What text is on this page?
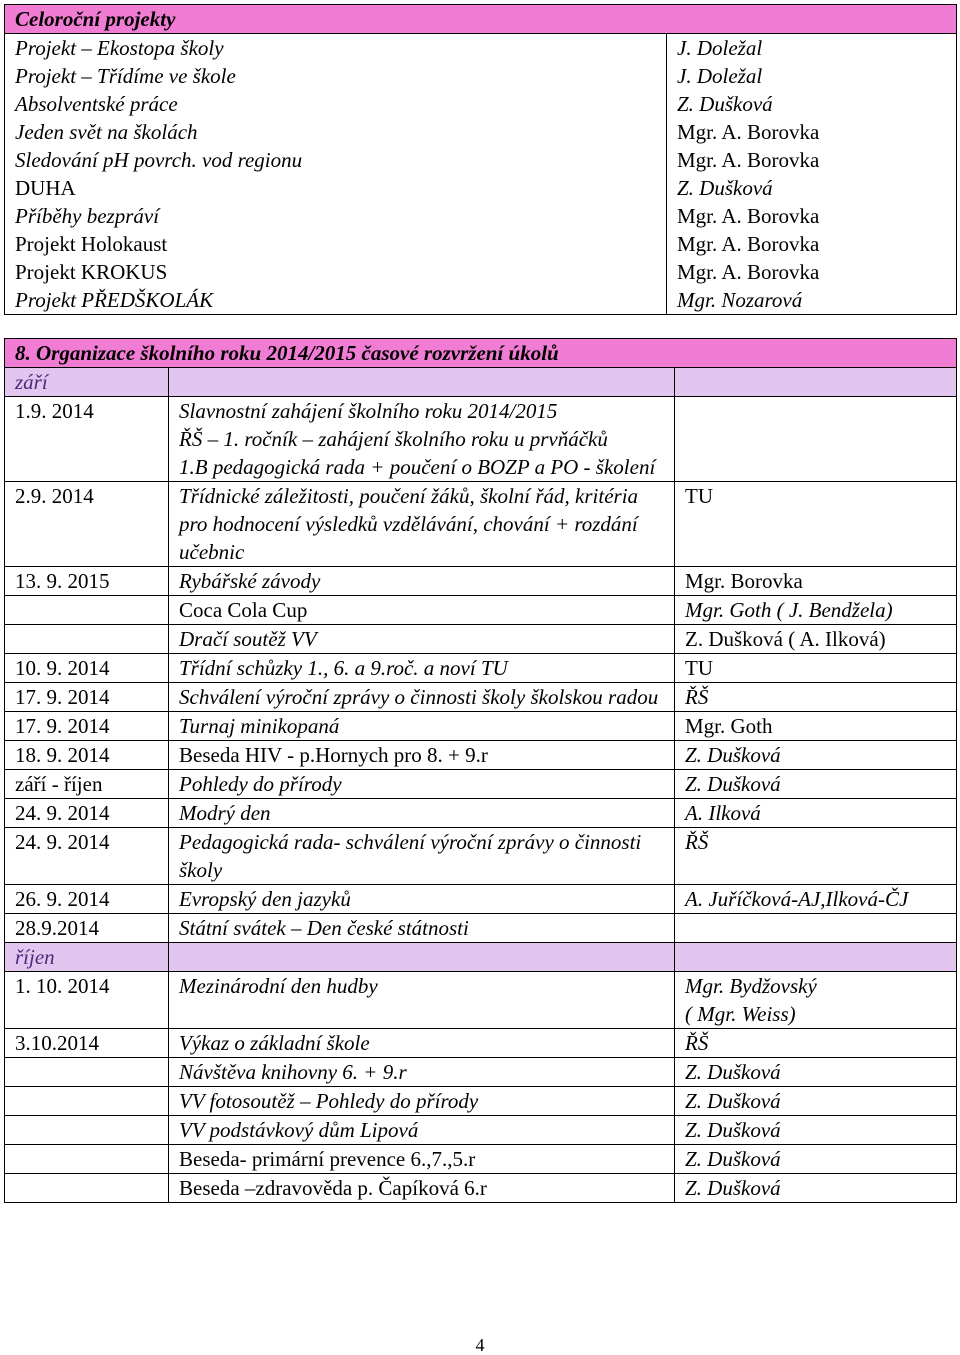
Celoroční projekty	
Projekt – Ekostopa školy	J. Doležal
Projekt – Třídíme ve škole	J. Doležal
Absolventské práce	Z. Dušková
Jeden svět na školách	Mgr. A. Borovka
Sledování pH povrch. vod regionu	Mgr. A. Borovka
DUHA	Z. Dušková
Příběhy bezpráví	Mgr. A. Borovka
Projekt Holokaust	Mgr. A. Borovka
Projekt KROKUS	Mgr. A. Borovka
Projekt PŘEDŠKOLÁK	Mgr. Nozarová
8. Organizace školního roku 2014/2015 časové rozvržení úkolů		
září		
1.9. 2014	Slavnostní zahájení školního roku 2014/2015
ŘŠ – 1. ročník – zahájení školního roku u prvňáčků
1.B pedagogická rada + poučení o BOZP a PO - školení	
2.9. 2014	Třídnické záležitosti, poučení žáků, školní řád, kritéria pro hodnocení výsledků vzdělávání, chování + rozdání učebnic	TU
13. 9. 2015	Rybářské závody	Mgr. Borovka
	Coca Cola Cup	Mgr. Goth ( J. Bendžela)
	Dračí soutěž VV	Z. Dušková ( A. Ilková)
10. 9. 2014	Třídní schůzky 1., 6. a 9.roč. a noví TU	TU
17. 9. 2014	Schválení výroční zprávy o činnosti školy školskou radou	ŘŠ
17. 9. 2014	Turnaj minikopaná	Mgr. Goth
18. 9. 2014	Beseda HIV - p.Hornych pro 8. + 9.r	Z. Dušková
září - říjen	Pohledy do přírody	Z. Dušková
24. 9. 2014	Modrý den	A. Ilková
24. 9. 2014	Pedagogická rada- schválení výroční zprávy o činnosti školy	ŘŠ
26. 9. 2014	Evropský den jazyků	A. Juříčková-AJ,Ilková-ČJ
28.9.2014	Státní svátek – Den české státnosti	
říjen		
1. 10. 2014	Mezinárodní den hudby	Mgr. Bydžovský
( Mgr. Weiss)
3.10.2014	Výkaz o základní škole	ŘŠ
	Návštěva knihovny 6. + 9.r	Z. Dušková
	VV fotosoutěž – Pohledy do přírody	Z. Dušková
	VV podstávkový dům Lipová	Z. Dušková
	Beseda- primární prevence 6.,7.,5.r	Z. Dušková
	Beseda –zdravověda p. Čapíková 6.r	Z. Dušková
4
